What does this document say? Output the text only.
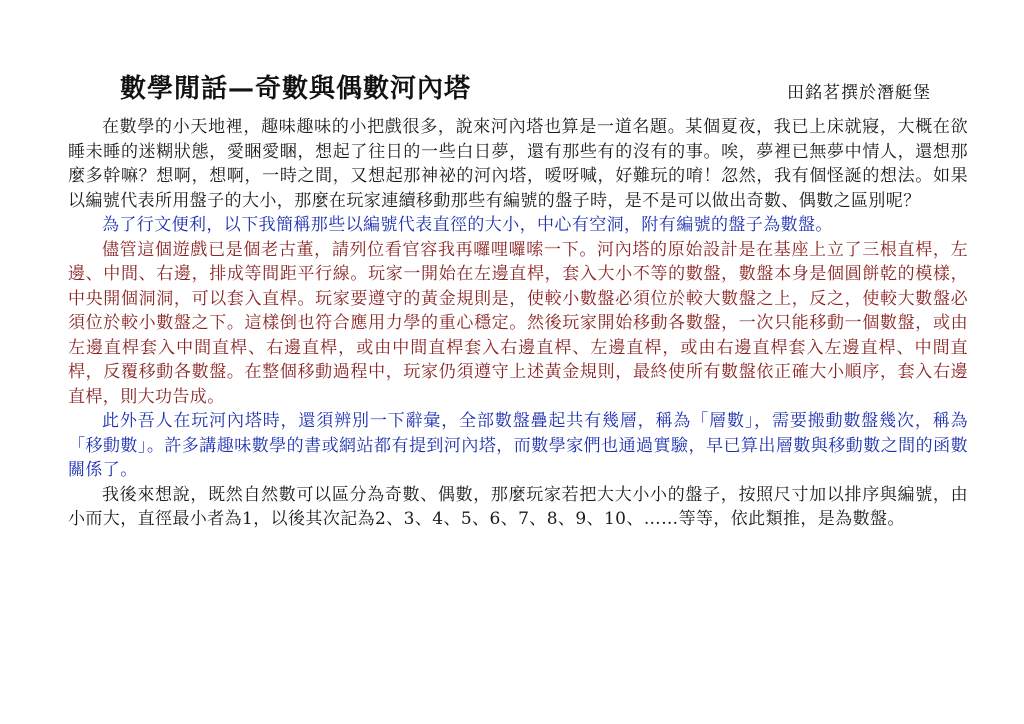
數學閒話—奇數與偶數河內塔	田銘茗撰於潛艇堡

在數學的小天地裡，趣味趣味的小把戲很多，說來河內塔也算是一道名題。某個夏夜，我已上床就寢，大概在欲睡未睡的迷糊狀態，愛睏愛睏，想起了往日的一些白日夢，還有那些有的沒有的事。唉，夢裡已無夢中情人，還想那麼多幹嘛？想啊，想啊，一時之間，又想起那神祕的河內塔，嗳呀喊，好難玩的唷！忽然，我有個怪誕的想法。如果以編號代表所用盤子的大小，那麼在玩家連續移動那些有編號的盤子時，是不是可以做出奇數、偶數之區別呢？

為了行文便利，以下我簡稱那些以編號代表直徑的大小，中心有空洞，附有編號的盤子為數盤。

儘管這個遊戲已是個老古董，請列位看官容我再囉哩囉嗦一下。河內塔的原始設計是在基座上立了三根直桿，左邊、中間、右邊，排成等間距平行線。玩家一開始在左邊直桿，套入大小不等的數盤，數盤本身是個圓餅乾的模樣，中央開個洞洞，可以套入直桿。玩家要遵守的黃金規則是，使較小數盤必須位於較大數盤之上，反之，使較大數盤必須位於較小數盤之下。這樣倒也符合應用力學的重心穩定。然後玩家開始移動各數盤，一次只能移動一個數盤，或由左邊直桿套入中間直桿、右邊直桿，或由中間直桿套入右邊直桿、左邊直桿，或由右邊直桿套入左邊直桿、中間直桿，反覆移動各數盤。在整個移動過程中，玩家仍須遵守上述黃金規則，最終使所有數盤依正確大小順序，套入右邊直桿，則大功告成。

此外吾人在玩河內塔時，還須辨別一下辭彙，全部數盤疊起共有幾層，稱為「層數」，需要搬動數盤幾次，稱為「移動數」。許多講趣味數學的書或網站都有提到河內塔，而數學家們也通過實驗，早已算出層數與移動數之間的函數關係了。

我後來想說，既然自然數可以區分為奇數、偶數，那麼玩家若把大大小小的盤子，按照尺寸加以排序與編號，由小而大，直徑最小者為1，以後其次記為2、3、4、5、6、7、8、9、10、……等等，依此類推，是為數盤。
